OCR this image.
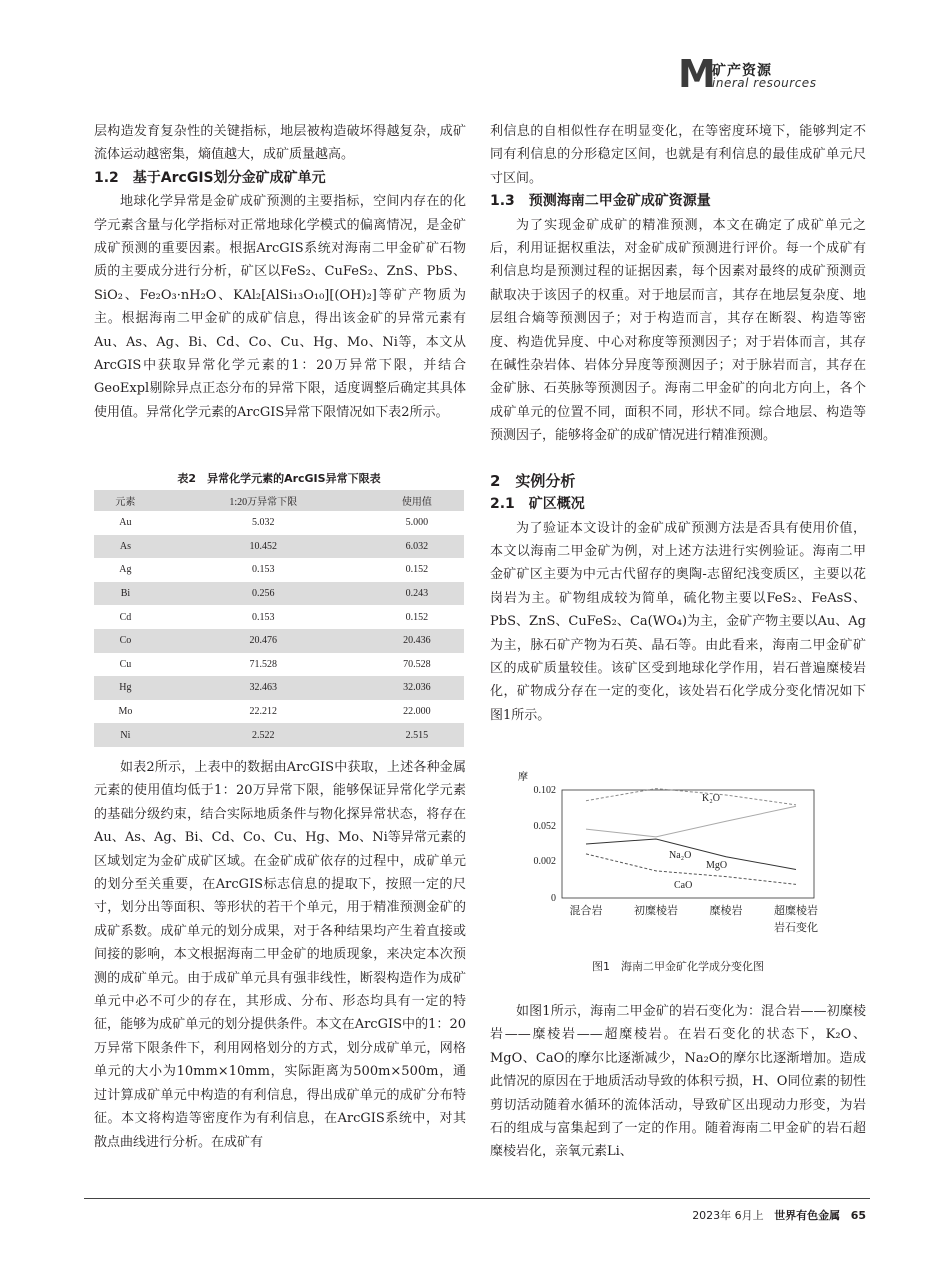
M
矿产资源
ineral resources

层构造发育复杂性的关键指标，地层被构造破坏得越复杂，成矿流体运动越密集，熵值越大，成矿质量越高。

1.2　基于ArcGIS划分金矿成矿单元

地球化学异常是金矿成矿预测的主要指标，空间内存在的化学元素含量与化学指标对正常地球化学模式的偏离情况，是金矿成矿预测的重要因素。根据ArcGIS系统对海南二甲金矿矿石物质的主要成分进行分析，矿区以FeS₂、CuFeS₂、ZnS、PbS、SiO₂、Fe₂O₃·nH₂O、KAl₂[AlSi₁₃O₁₀][(OH)₂]等矿产物质为主。根据海南二甲金矿的成矿信息，得出该金矿的异常元素有Au、As、Ag、Bi、Cd、Co、Cu、Hg、Mo、Ni等，本文从ArcGIS中获取异常化学元素的1：20万异常下限，并结合GeoExpl剔除异点正态分布的异常下限，适度调整后确定其具体使用值。异常化学元素的ArcGIS异常下限情况如下表2所示。

表2　异常化学元素的ArcGIS异常下限表

元素	1:20万异常下限	使用值
Au	5.032	5.000
As	10.452	6.032
Ag	0.153	0.152
Bi	0.256	0.243
Cd	0.153	0.152
Co	20.476	20.436
Cu	71.528	70.528
Hg	32.463	32.036
Mo	22.212	22.000
Ni	2.522	2.515

如表2所示，上表中的数据由ArcGIS中获取，上述各种金属元素的使用值均低于1：20万异常下限，能够保证异常化学元素的基础分级约束，结合实际地质条件与物化探异常状态，将存在Au、As、Ag、Bi、Cd、Co、Cu、Hg、Mo、Ni等异常元素的区域划定为金矿成矿区域。在金矿成矿依存的过程中，成矿单元的划分至关重要，在ArcGIS标志信息的提取下，按照一定的尺寸，划分出等面积、等形状的若干个单元，用于精准预测金矿的成矿系数。成矿单元的划分成果，对于各种结果均产生着直接或间接的影响，本文根据海南二甲金矿的地质现象，来决定本次预测的成矿单元。由于成矿单元具有强非线性，断裂构造作为成矿单元中必不可少的存在，其形成、分布、形态均具有一定的特征，能够为成矿单元的划分提供条件。本文在ArcGIS中的1：20万异常下限条件下，利用网格划分的方式，划分成矿单元，网格单元的大小为10mm×10mm，实际距离为500m×500m，通过计算成矿单元中构造的有利信息，得出成矿单元的成矿分布特征。本文将构造等密度作为有利信息，在ArcGIS系统中，对其散点曲线进行分析。在成矿有

利信息的自相似性存在明显变化，在等密度环境下，能够判定不同有利信息的分形稳定区间，也就是有利信息的最佳成矿单元尺寸区间。

1.3　预测海南二甲金矿成矿资源量

为了实现金矿成矿的精准预测，本文在确定了成矿单元之后，利用证据权重法，对金矿成矿预测进行评价。每一个成矿有利信息均是预测过程的证据因素，每个因素对最终的成矿预测贡献取决于该因子的权重。对于地层而言，其存在地层复杂度、地层组合熵等预测因子；对于构造而言，其存在断裂、构造等密度、构造优异度、中心对称度等预测因子；对于岩体而言，其存在碱性杂岩体、岩体分异度等预测因子；对于脉岩而言，其存在金矿脉、石英脉等预测因子。海南二甲金矿的向北方向上，各个成矿单元的位置不同，面积不同，形状不同。综合地层、构造等预测因子，能够将金矿的成矿情况进行精准预测。

2　实例分析

2.1　矿区概况

为了验证本文设计的金矿成矿预测方法是否具有使用价值，本文以海南二甲金矿为例，对上述方法进行实例验证。海南二甲金矿矿区主要为中元古代留存的奥陶-志留纪浅变质区，主要以花岗岩为主。矿物组成较为简单，硫化物主要以FeS₂、FeAsS、PbS、ZnS、CuFeS₂、Ca(WO₄)为主，金矿产物主要以Au、Ag为主，脉石矿产物为石英、晶石等。由此看来，海南二甲金矿矿区的成矿质量较佳。该矿区受到地球化学作用，岩石普遍糜棱岩化，矿物成分存在一定的变化，该处岩石化学成分变化情况如下图1所示。

摩
0.102
0.052
0.002
0
混合岩	初糜棱岩	糜棱岩	超糜棱岩
岩石变化
K₂O
Na₂O
MgO
CaO

图1　海南二甲金矿化学成分变化图

如图1所示，海南二甲金矿的岩石变化为：混合岩——初糜棱岩——糜棱岩——超糜棱岩。在岩石变化的状态下，K₂O、MgO、CaO的摩尔比逐渐减少，Na₂O的摩尔比逐渐增加。造成此情况的原因在于地质活动导致的体积亏损，H、O同位素的韧性剪切活动随着水循环的流体活动，导致矿区出现动力形变，为岩石的组成与富集起到了一定的作用。随着海南二甲金矿的岩石超糜棱岩化，亲氧元素Li、

2023年 6月上 世界有色金属 65
